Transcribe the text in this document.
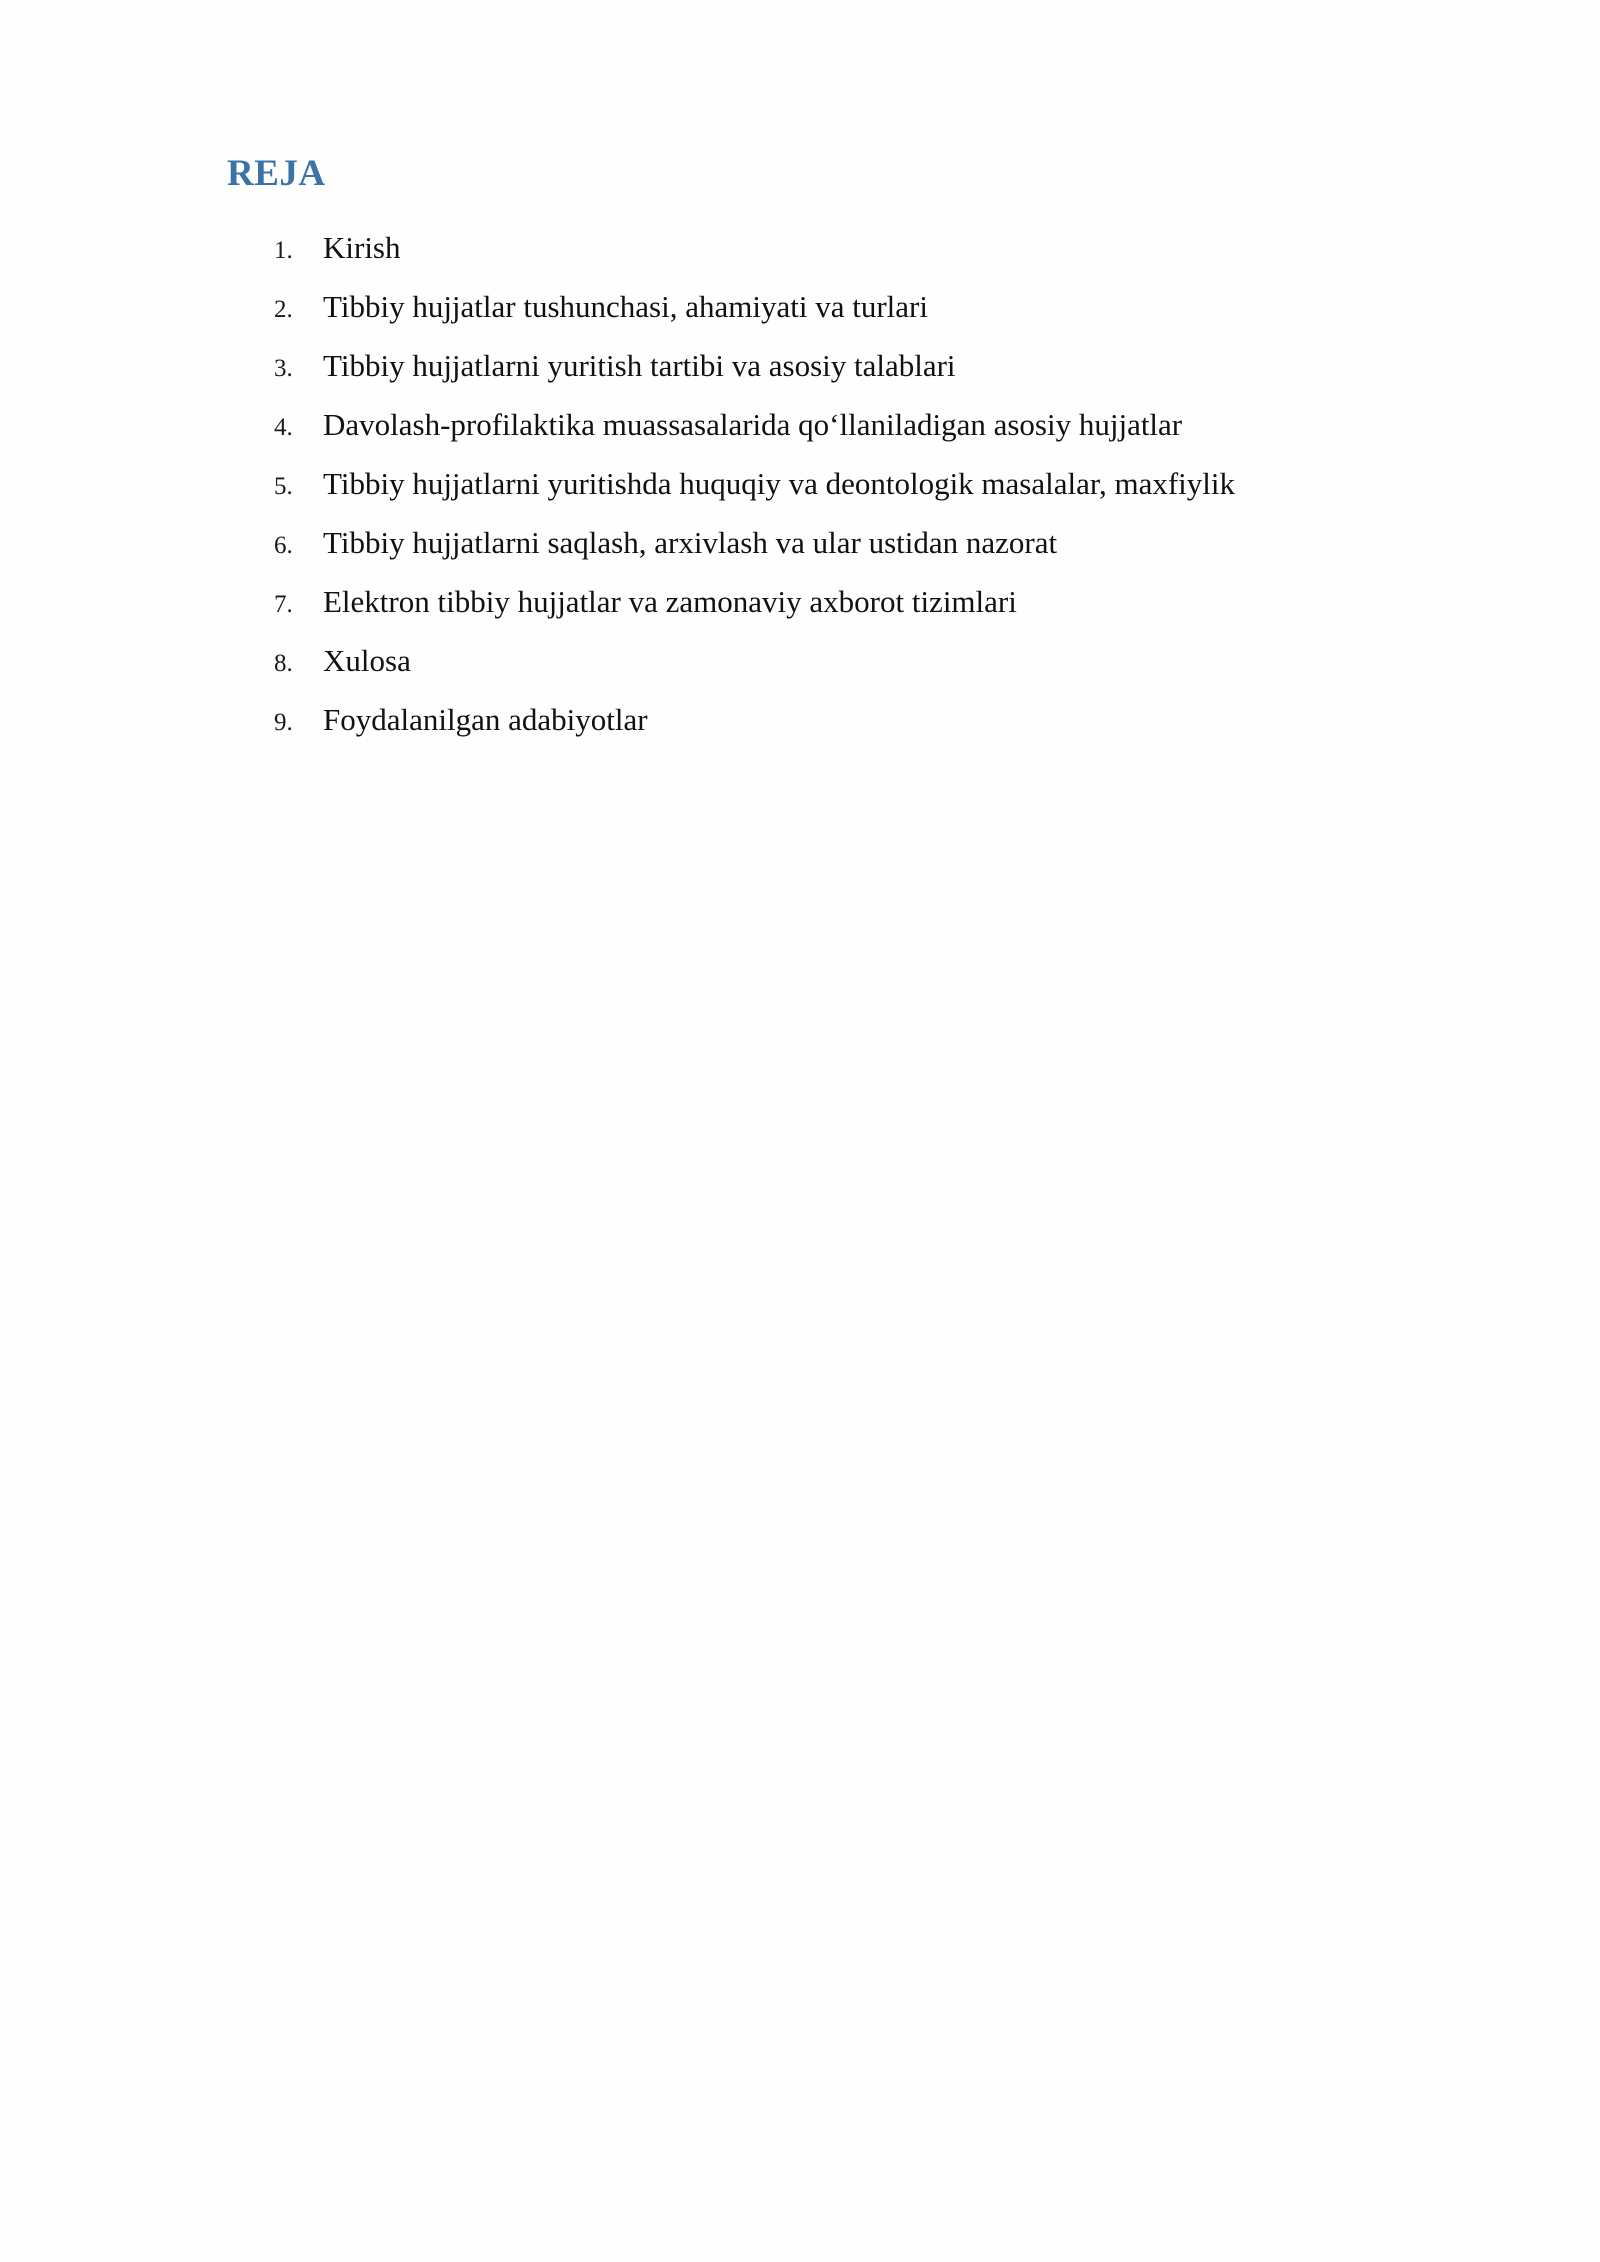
REJA
1. Kirish
2. Tibbiy hujjatlar tushunchasi, ahamiyati va turlari
3. Tibbiy hujjatlarni yuritish tartibi va asosiy talablari
4. Davolash-profilaktika muassasalarida qo‘llaniladigan asosiy hujjatlar
5. Tibbiy hujjatlarni yuritishda huquqiy va deontologik masalalar, maxfiylik
6. Tibbiy hujjatlarni saqlash, arxivlash va ular ustidan nazorat
7. Elektron tibbiy hujjatlar va zamonaviy axborot tizimlari
8. Xulosa
9. Foydalanilgan adabiyotlar
